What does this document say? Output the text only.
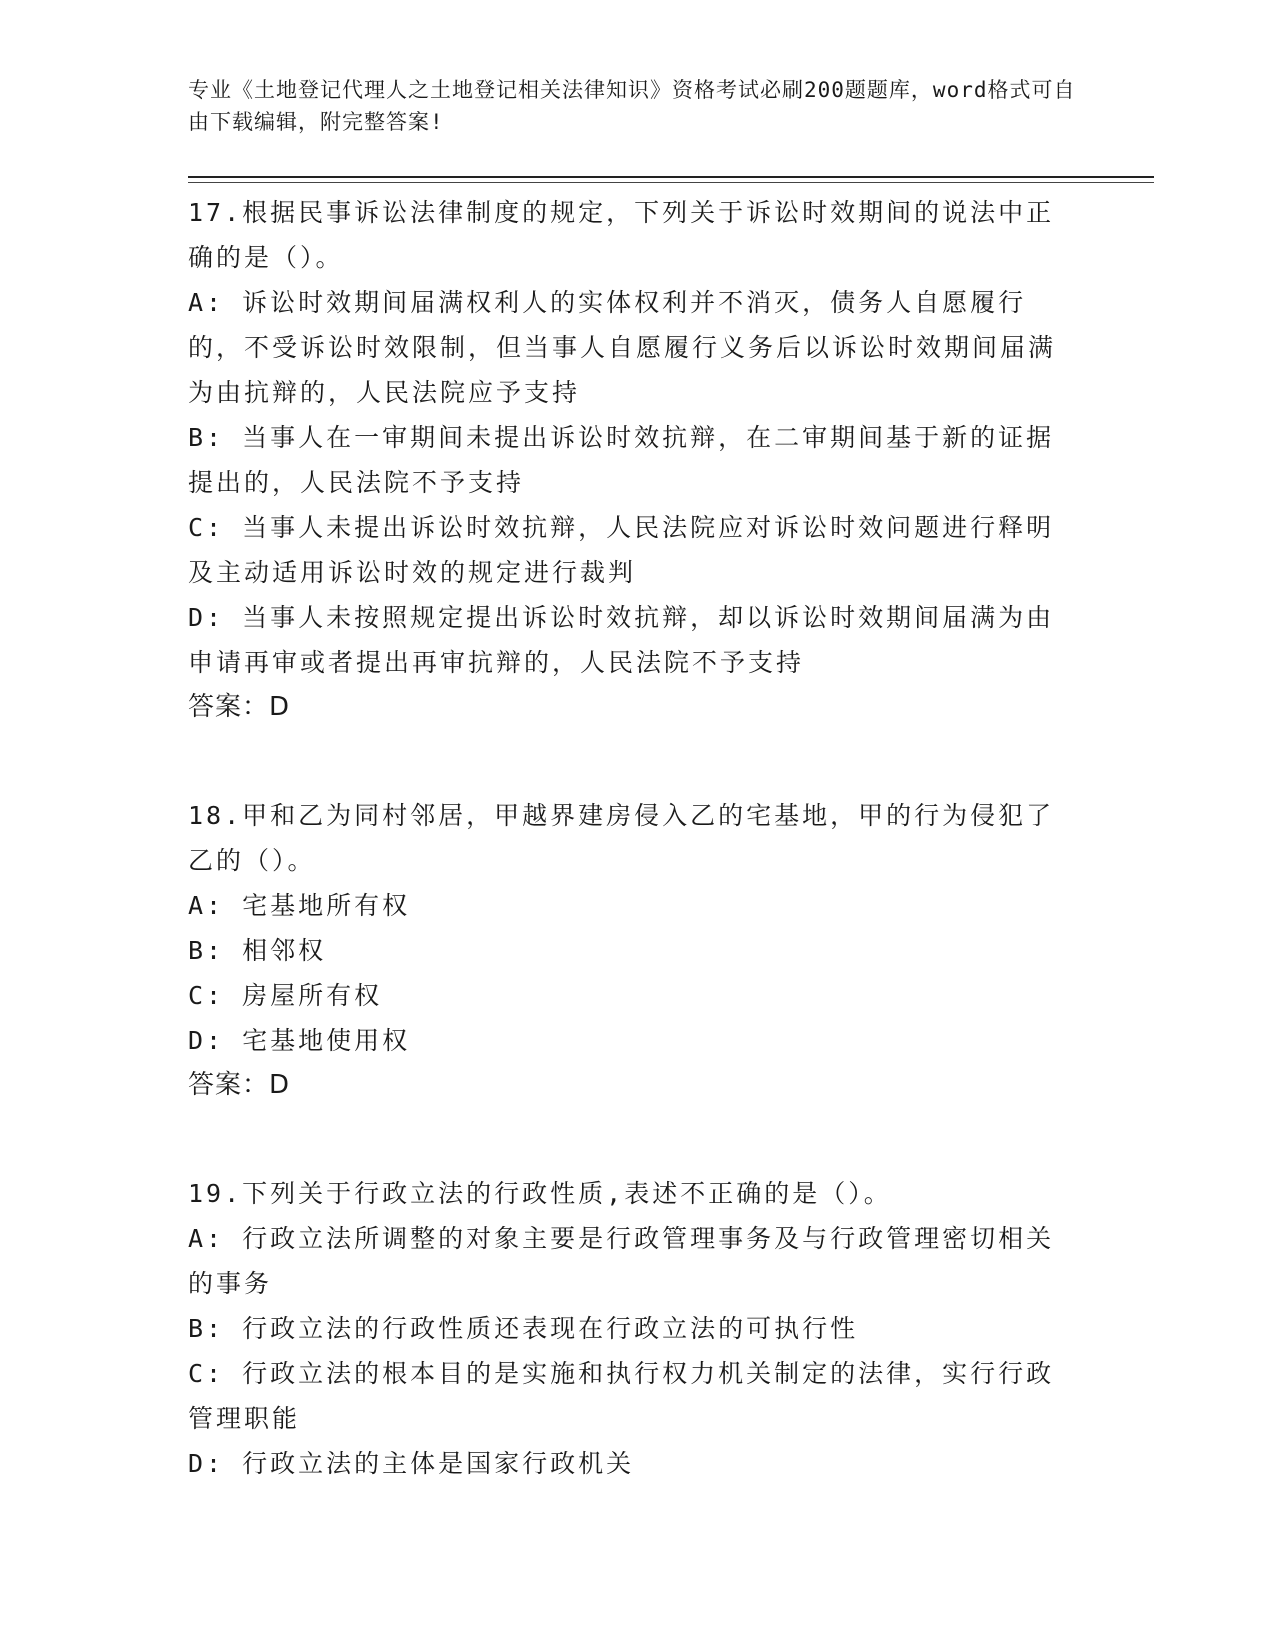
专业《土地登记代理人之土地登记相关法律知识》资格考试必刷200题题库，word格式可自由下载编辑，附完整答案!

17.根据民事诉讼法律制度的规定，下列关于诉讼时效期间的说法中正确的是（）。

A: 诉讼时效期间届满权利人的实体权利并不消灭，债务人自愿履行的，不受诉讼时效限制，但当事人自愿履行义务后以诉讼时效期间届满为由抗辩的，人民法院应予支持

B: 当事人在一审期间未提出诉讼时效抗辩，在二审期间基于新的证据提出的，人民法院不予支持

C: 当事人未提出诉讼时效抗辩，人民法院应对诉讼时效问题进行释明及主动适用诉讼时效的规定进行裁判

D: 当事人未按照规定提出诉讼时效抗辩，却以诉讼时效期间届满为由申请再审或者提出再审抗辩的，人民法院不予支持

答案：D

18.甲和乙为同村邻居，甲越界建房侵入乙的宅基地，甲的行为侵犯了乙的（）。

A: 宅基地所有权

B: 相邻权

C: 房屋所有权

D: 宅基地使用权

答案：D

19.下列关于行政立法的行政性质,表述不正确的是（）。

A: 行政立法所调整的对象主要是行政管理事务及与行政管理密切相关的事务

B: 行政立法的行政性质还表现在行政立法的可执行性

C: 行政立法的根本目的是实施和执行权力机关制定的法律，实行行政管理职能

D: 行政立法的主体是国家行政机关
